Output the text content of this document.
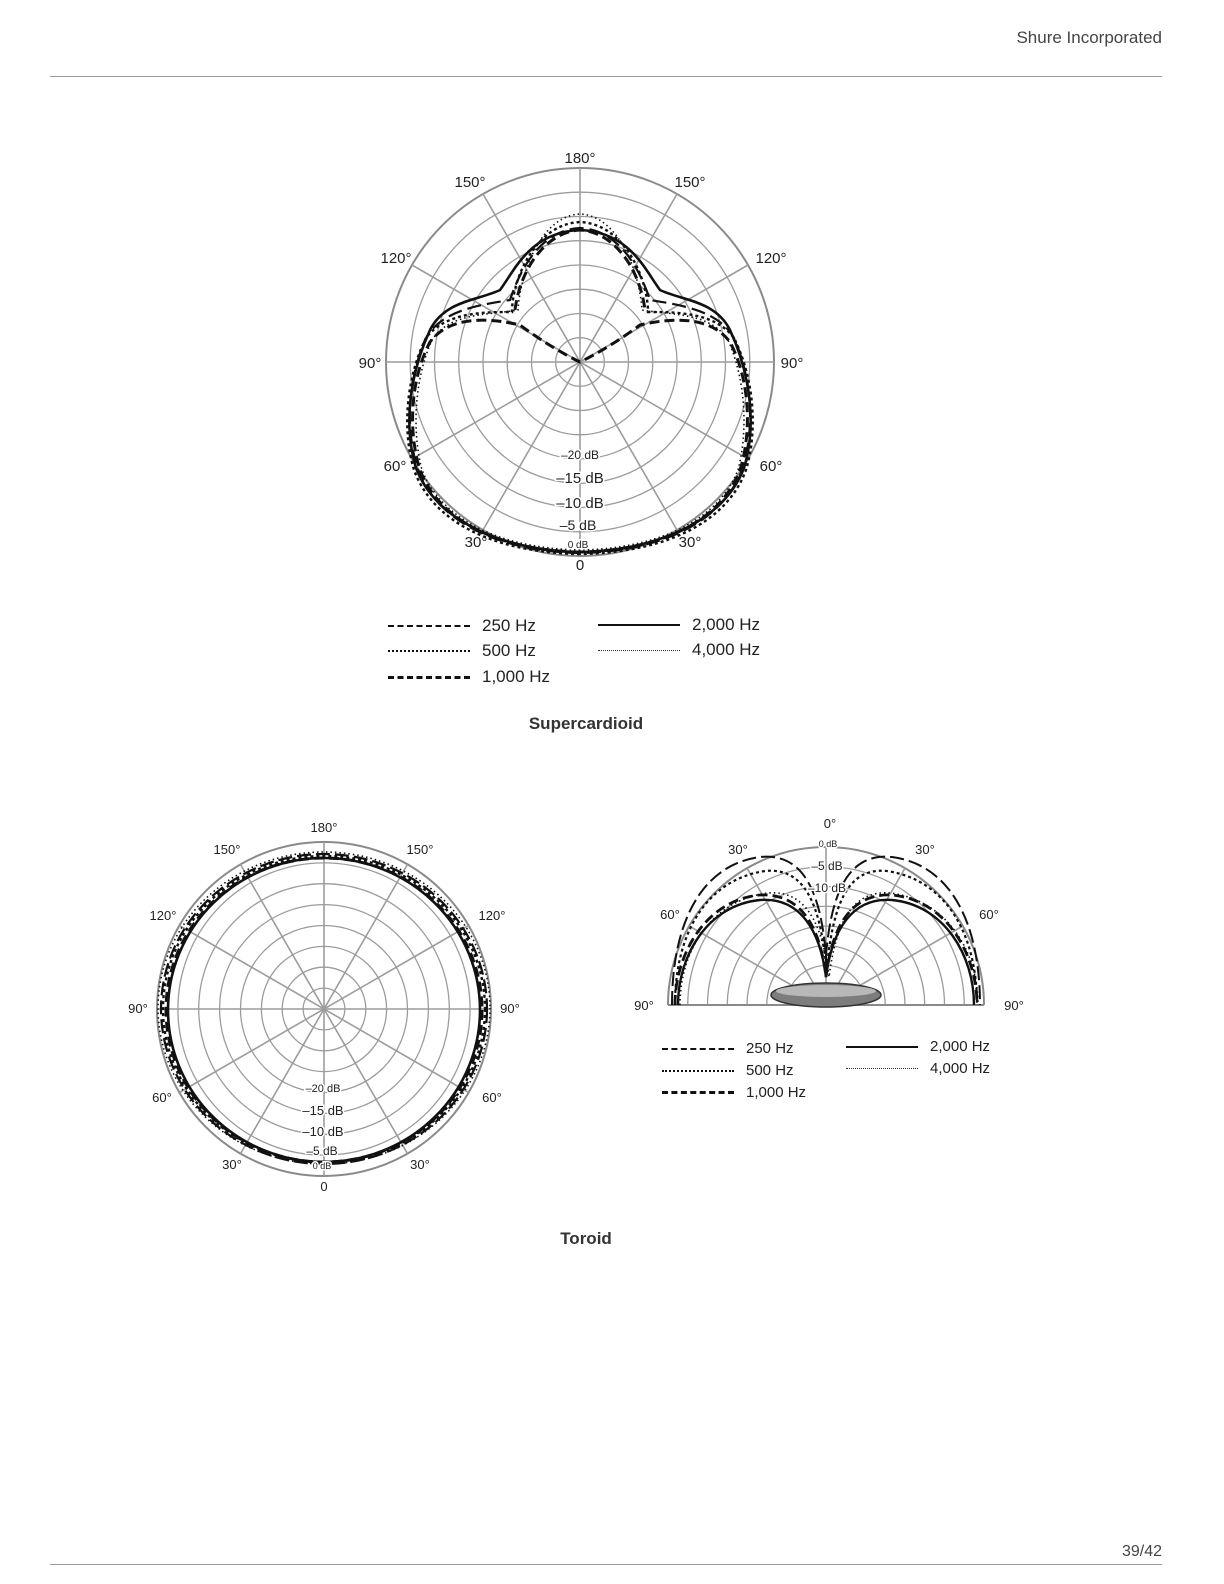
Shure Incorporated
180°
150°	150°
120°	120°
90°	90°
60°	60°
30°	30°
0
–20 dB
–15 dB
–10 dB
–5 dB
0 dB
250 Hz
500 Hz
1,000 Hz
2,000 Hz
4,000 Hz
Supercardioid
180°
150°	150°
120°	120°
90°	90°
60°	60°
30°	30°
0
–20 dB
–15 dB
–10 dB
–5 dB
0 dB
0°
30°	30°
60°	60°
90°	90°
0 dB
–5 dB
–10 dB
250 Hz
500 Hz
1,000 Hz
2,000 Hz
4,000 Hz
Toroid
39/42
